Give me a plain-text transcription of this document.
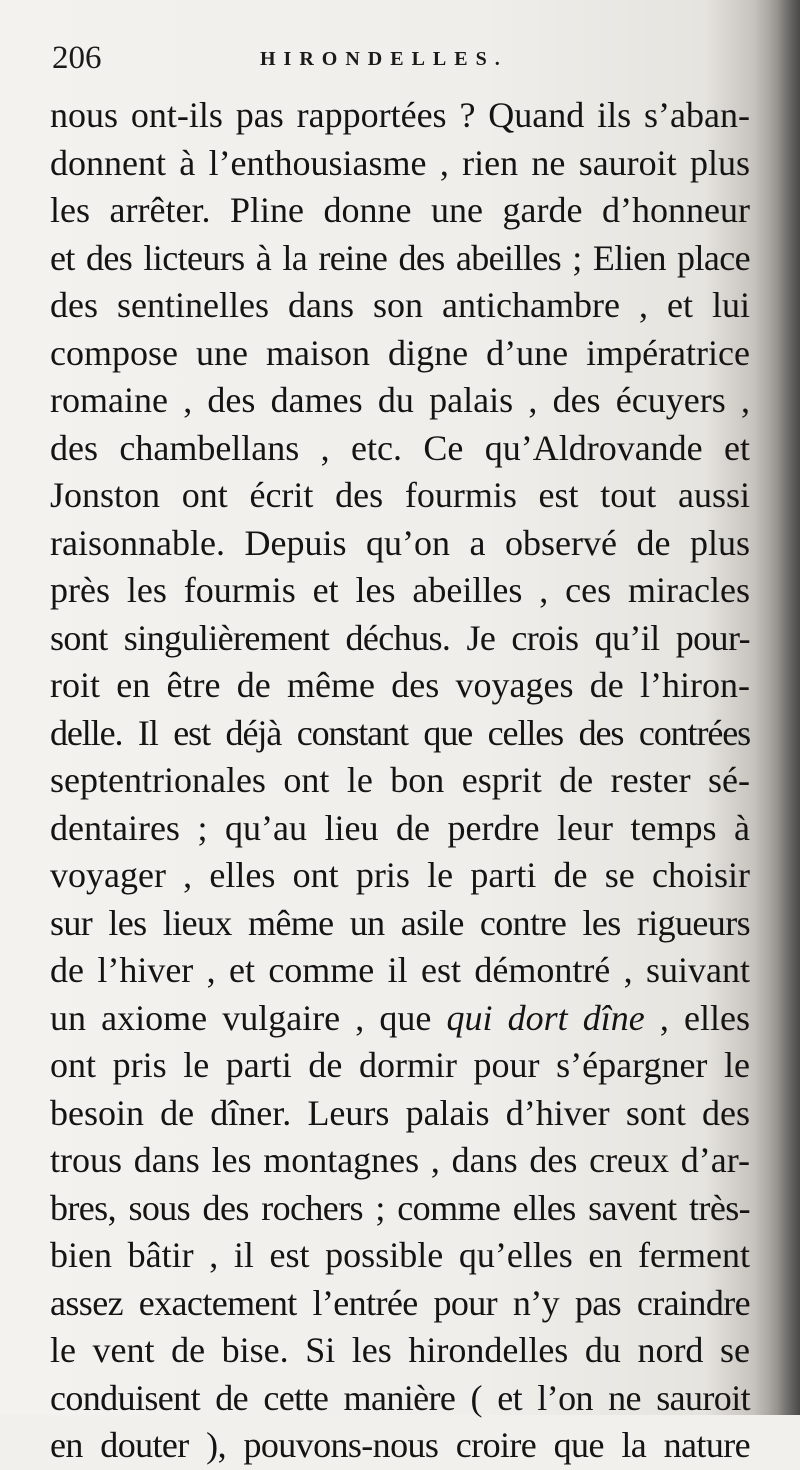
206	HIRONDELLES.
nous ont-ils pas rapportées ? Quand ils s’aban-
donnent à l’enthousiasme , rien ne sauroit plus
les arrêter. Pline donne une garde d’honneur
et des licteurs à la reine des abeilles ; Elien place
des sentinelles dans son antichambre , et lui
compose une maison digne d’une impératrice
romaine , des dames du palais , des écuyers ,
des chambellans , etc. Ce qu’Aldrovande et
Jonston ont écrit des fourmis est tout aussi
raisonnable. Depuis qu’on a observé de plus
près les fourmis et les abeilles , ces miracles
sont singulièrement déchus. Je crois qu’il pour-
roit en être de même des voyages de l’hiron-
delle. Il est déjà constant que celles des contrées
septentrionales ont le bon esprit de rester sé-
dentaires ; qu’au lieu de perdre leur temps à
voyager , elles ont pris le parti de se choisir
sur les lieux même un asile contre les rigueurs
de l’hiver , et comme il est démontré , suivant
un axiome vulgaire , que qui dort dîne , elles
ont pris le parti de dormir pour s’épargner le
besoin de dîner. Leurs palais d’hiver sont des
trous dans les montagnes , dans des creux d’ar-
bres, sous des rochers ; comme elles savent très-
bien bâtir , il est possible qu’elles en ferment
assez exactement l’entrée pour n’y pas craindre
le vent de bise. Si les hirondelles du nord se
conduisent de cette manière ( et l’on ne sauroit
en douter ), pouvons-nous croire que la nature
